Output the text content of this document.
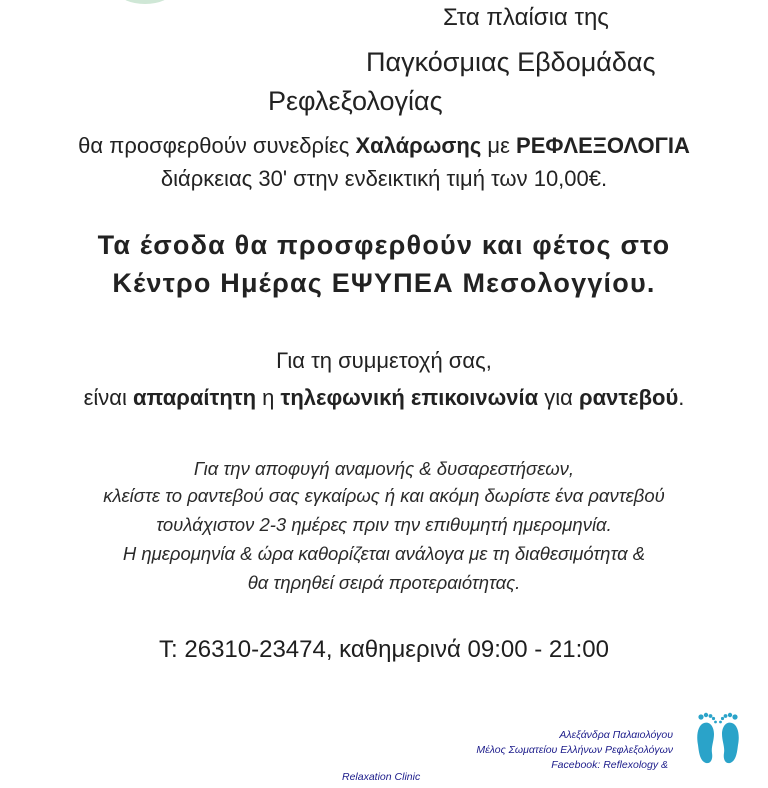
Στα πλαίσια της
Παγκόσμιας Εβδομάδας
Ρεφλεξολογίας
θα προσφερθούν συνεδρίες Χαλάρωσης με ΡΕΦΛΕΞΟΛΟΓΙΑ
διάρκειας 30' στην ενδεικτική τιμή των 10,00€.
Τα έσοδα θα προσφερθούν και φέτος στο
Κέντρο Ημέρας ΕΨΥΠΕΑ Μεσολογγίου.
Για τη συμμετοχή σας,
είναι απαραίτητη η τηλεφωνική επικοινωνία για ραντεβού.
Για την αποφυγή αναμονής & δυσαρεστήσεων,
κλείστε το ραντεβού σας εγκαίρως ή και ακόμη δωρίστε ένα ραντεβού
τουλάχιστον 2-3 ημέρες πριν την επιθυμητή ημερομηνία.
Η ημερομηνία & ώρα καθορίζεται ανάλογα με τη διαθεσιμότητα &
θα τηρηθεί σειρά προτεραιότητας.
Τ: 26310-23474, καθημερινά 09:00 - 21:00
Αλεξάνδρα Παλαιολόγου
Μέλος Σωματείου Ελλήνων Ρεφλεξολόγων
Facebook: Reflexology &
Relaxation Clinic
